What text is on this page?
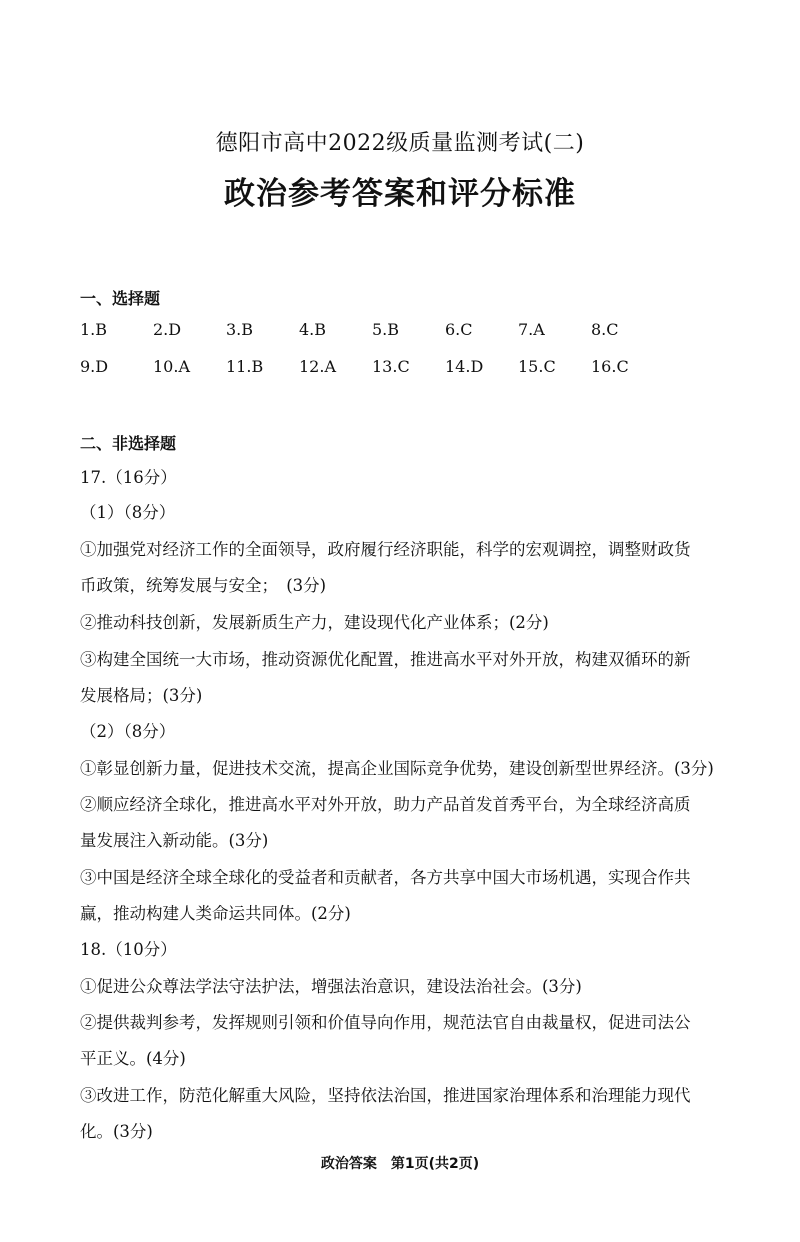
德阳市高中2022级质量监测考试(二)
政治参考答案和评分标准
一、选择题
1.B	2.D	3.B	4.B	5.B	6.C	7.A	8.C
9.D	10.A 11.B 12.A 13.C 14.D 15.C 16.C
二、非选择题
17.（16分）
（1）（8分）
①加强党对经济工作的全面领导，政府履行经济职能，科学的宏观调控，调整财政货
币政策，统筹发展与安全；　(3分)
②推动科技创新，发展新质生产力，建设现代化产业体系；(2分)
③构建全国统一大市场，推动资源优化配置，推进高水平对外开放，构建双循环的新
发展格局；(3分)
（2）（8分）
①彰显创新力量，促进技术交流，提高企业国际竞争优势，建设创新型世界经济。(3分)
②顺应经济全球化，推进高水平对外开放，助力产品首发首秀平台，为全球经济高质
量发展注入新动能。(3分)
③中国是经济全球全球化的受益者和贡献者，各方共享中国大市场机遇，实现合作共
赢，推动构建人类命运共同体。(2分)
18.（10分）
①促进公众尊法学法守法护法，增强法治意识，建设法治社会。(3分)
②提供裁判参考，发挥规则引领和价值导向作用，规范法官自由裁量权，促进司法公
平正义。(4分)
③改进工作，防范化解重大风险，坚持依法治国，推进国家治理体系和治理能力现代
化。(3分)
政治答案　第1页(共2页)
